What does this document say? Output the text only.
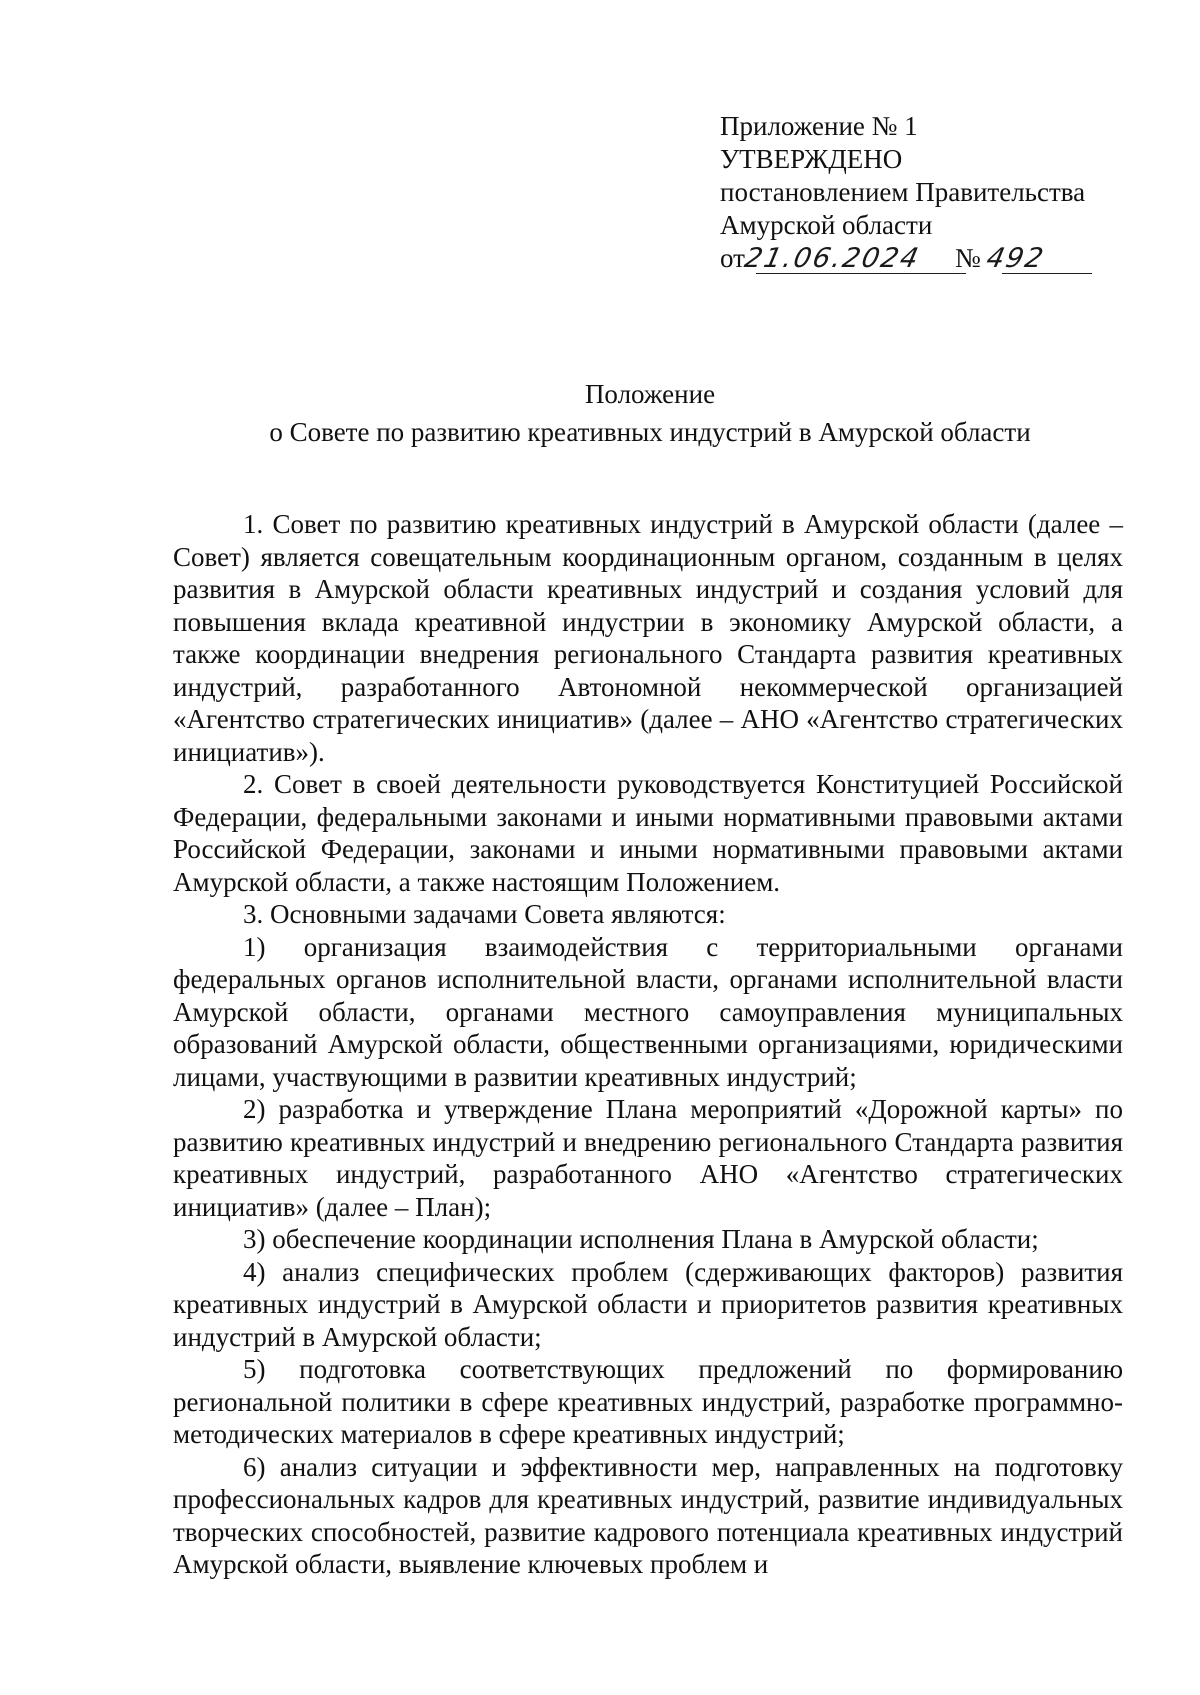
Приложение № 1
УТВЕРЖДЕНО
постановлением Правительства
Амурской области
от21.06.2024 № 492
Положение
о Совете по развитию креативных индустрий в Амурской области

1. Совет по развитию креативных индустрий в Амурской области (далее – Совет) является совещательным координационным органом, созданным в целях развития в Амурской области креативных индустрий и создания условий для повышения вклада креативной индустрии в экономику Амурской области, а также координации внедрения регионального Стандарта развития креативных индустрий, разработанного Автономной некоммерческой организацией «Агентство стратегических инициатив» (далее – АНО «Агентство стратегических инициатив»).

2. Совет в своей деятельности руководствуется Конституцией Российской Федерации, федеральными законами и иными нормативными правовыми актами Российской Федерации, законами и иными нормативными правовыми актами Амурской области, а также настоящим Положением.

3. Основными задачами Совета являются:

1) организация взаимодействия с территориальными органами федеральных органов исполнительной власти, органами исполнительной власти Амурской области, органами местного самоуправления муниципальных образований Амурской области, общественными организациями, юридическими лицами, участвующими в развитии креативных индустрий;

2) разработка и утверждение Плана мероприятий «Дорожной карты» по развитию креативных индустрий и внедрению регионального Стандарта развития креативных индустрий, разработанного АНО «Агентство стратегических инициатив» (далее – План);

3) обеспечение координации исполнения Плана в Амурской области;

4) анализ специфических проблем (сдерживающих факторов) развития креативных индустрий в Амурской области и приоритетов развития креативных индустрий в Амурской области;

5) подготовка соответствующих предложений по формированию региональной политики в сфере креативных индустрий, разработке программно-методических материалов в сфере креативных индустрий;

6) анализ ситуации и эффективности мер, направленных на подготовку профессиональных кадров для креативных индустрий, развитие индивидуальных творческих способностей, развитие кадрового потенциала креативных индустрий Амурской области, выявление ключевых проблем и
